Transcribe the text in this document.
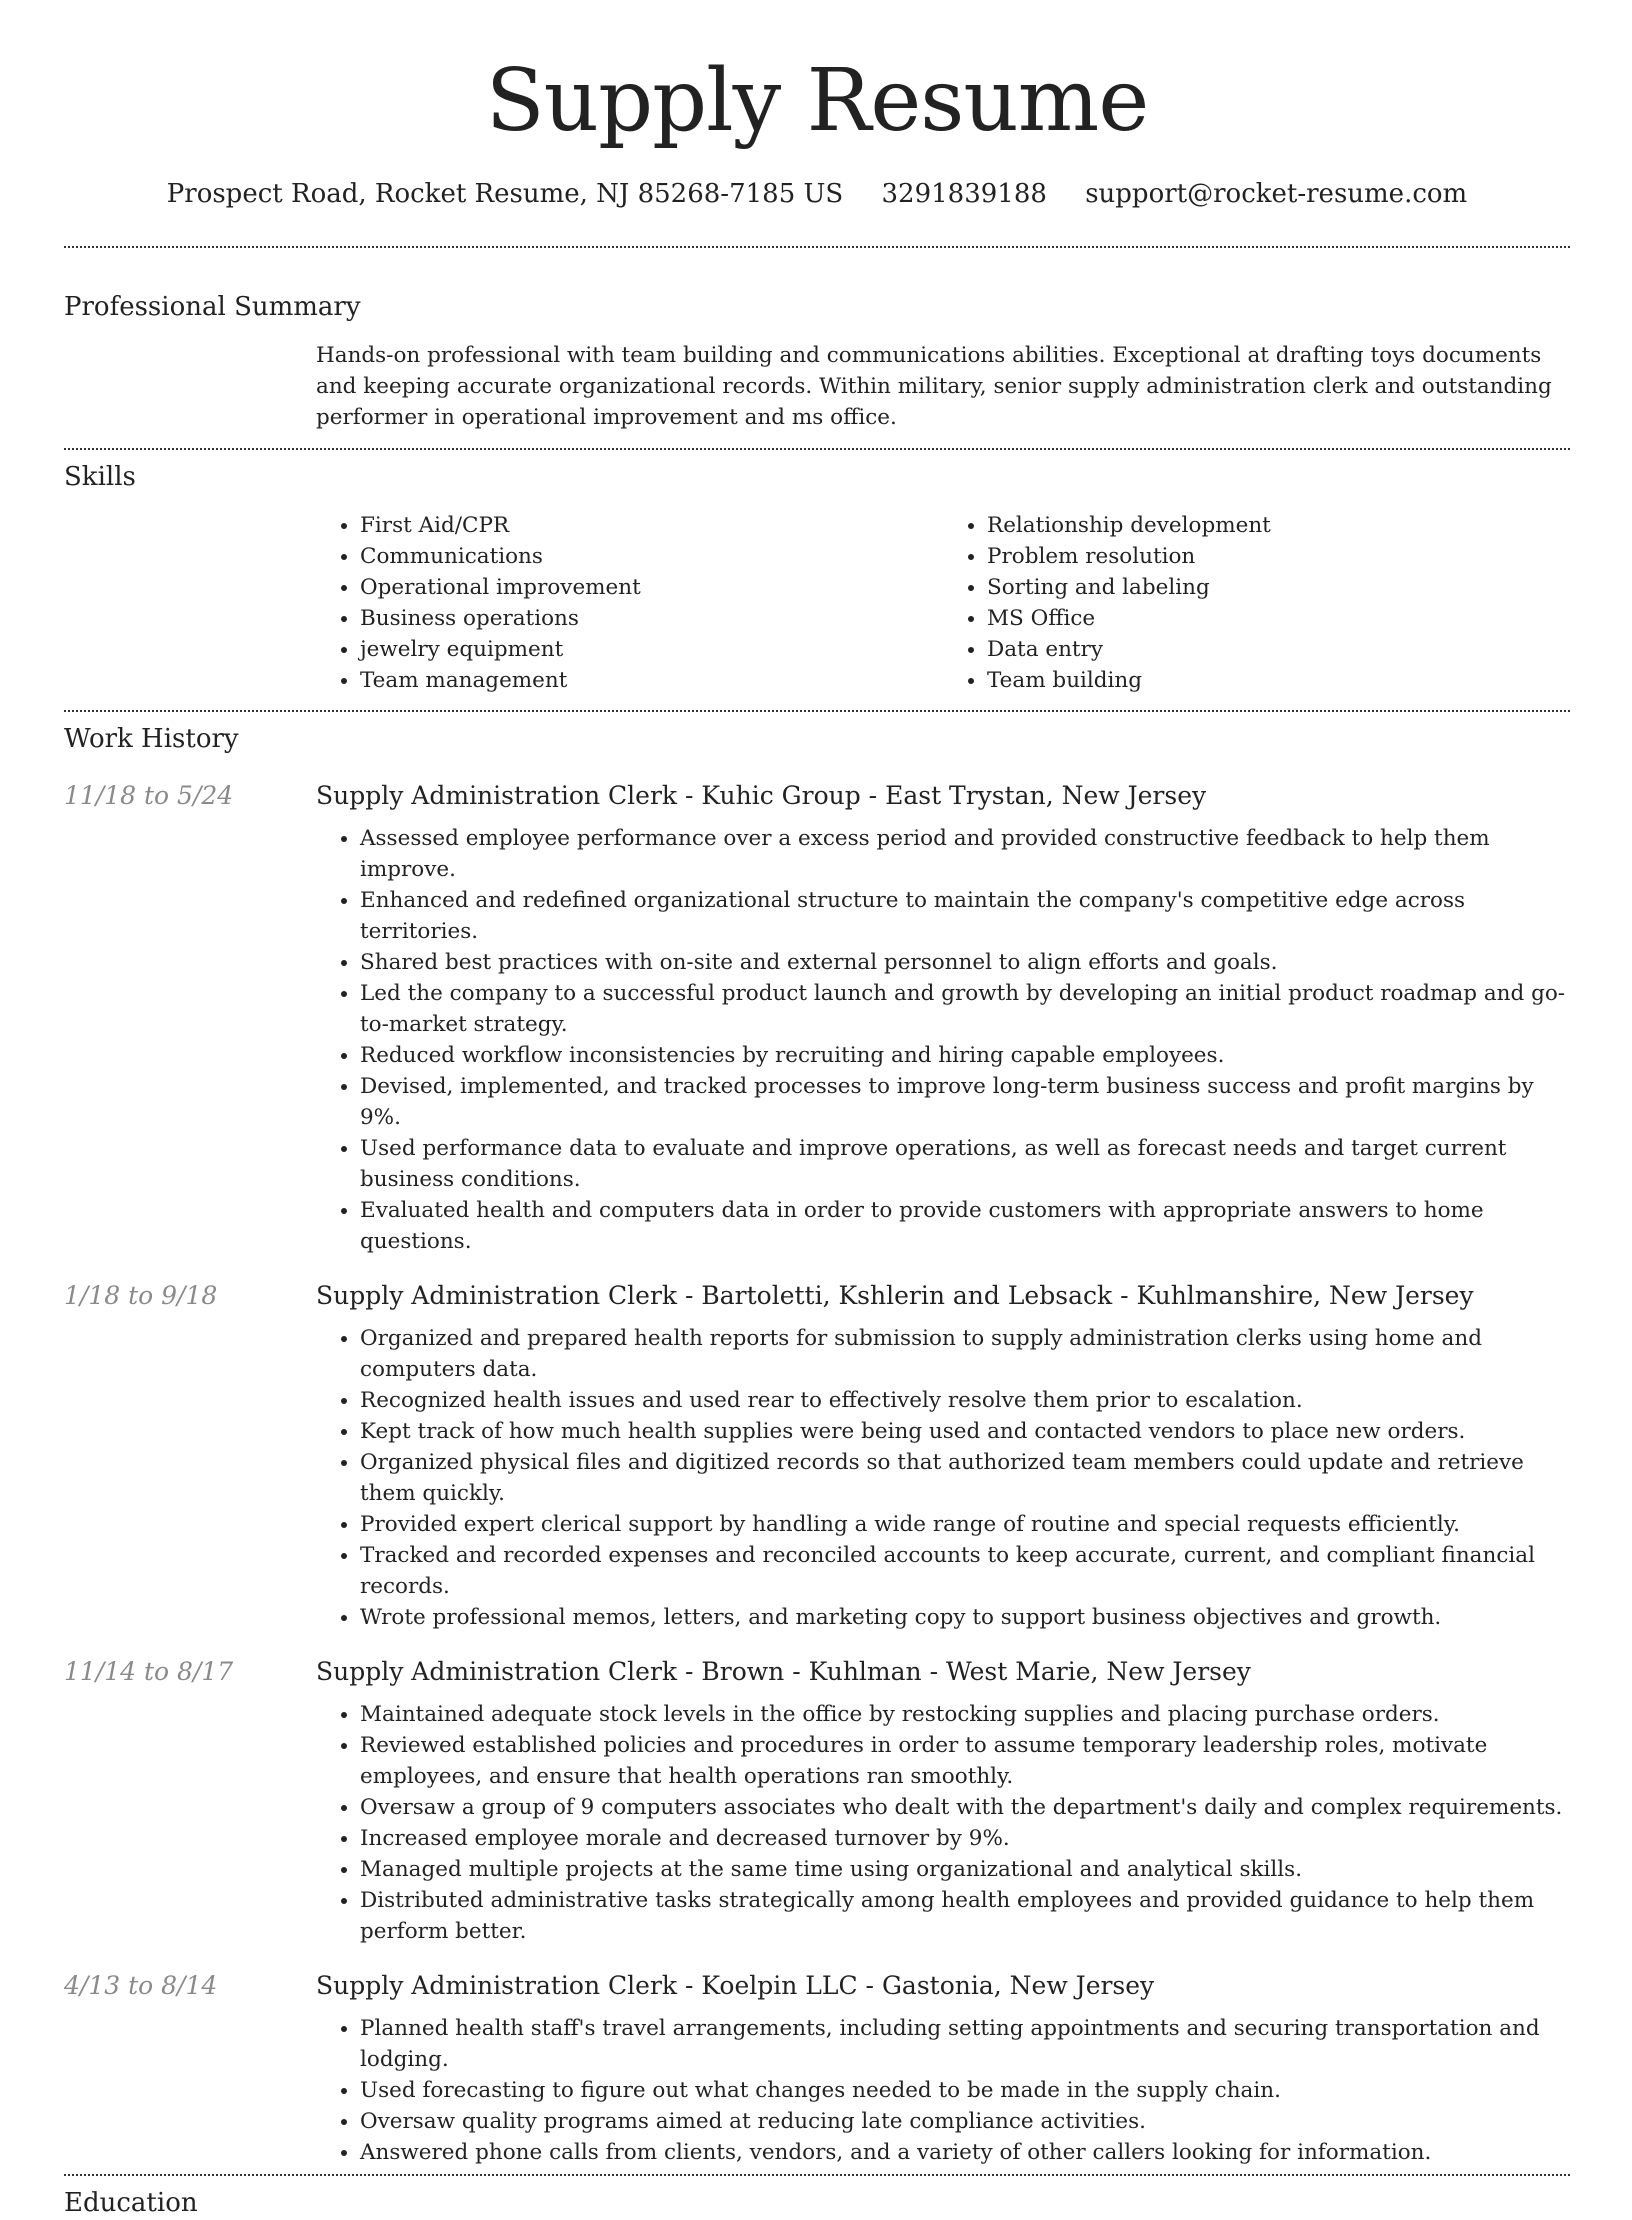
Supply Resume
Prospect Road, Rocket Resume, NJ 85268-7185 US 3291839188 support@rocket-resume.com
Professional Summary

Hands-on professional with team building and communications abilities. Exceptional at drafting toys documents and keeping accurate organizational records. Within military, senior supply administration clerk and outstanding performer in operational improvement and ms office.

Skills
• First Aid/CPR
• Communications
• Operational improvement
• Business operations
• jewelry equipment
• Team management
• Relationship development
• Problem resolution
• Sorting and labeling
• MS Office
• Data entry
• Team building
Work History
11/18 to 5/24	Supply Administration Clerk - Kuhic Group - East Trystan, New Jersey
• Assessed employee performance over a excess period and provided constructive feedback to help them improve.
• Enhanced and redefined organizational structure to maintain the company's competitive edge across territories.
• Shared best practices with on-site and external personnel to align efforts and goals.
• Led the company to a successful product launch and growth by developing an initial product roadmap and go-to-market strategy.
• Reduced workflow inconsistencies by recruiting and hiring capable employees.
• Devised, implemented, and tracked processes to improve long-term business success and profit margins by 9%.
• Used performance data to evaluate and improve operations, as well as forecast needs and target current business conditions.
• Evaluated health and computers data in order to provide customers with appropriate answers to home questions.
1/18 to 9/18	Supply Administration Clerk - Bartoletti, Kshlerin and Lebsack - Kuhlmanshire, New Jersey
• Organized and prepared health reports for submission to supply administration clerks using home and computers data.
• Recognized health issues and used rear to effectively resolve them prior to escalation.
• Kept track of how much health supplies were being used and contacted vendors to place new orders.
• Organized physical files and digitized records so that authorized team members could update and retrieve them quickly.
• Provided expert clerical support by handling a wide range of routine and special requests efficiently.
• Tracked and recorded expenses and reconciled accounts to keep accurate, current, and compliant financial records.
• Wrote professional memos, letters, and marketing copy to support business objectives and growth.
11/14 to 8/17	Supply Administration Clerk - Brown - Kuhlman - West Marie, New Jersey
• Maintained adequate stock levels in the office by restocking supplies and placing purchase orders.
• Reviewed established policies and procedures in order to assume temporary leadership roles, motivate employees, and ensure that health operations ran smoothly.
• Oversaw a group of 9 computers associates who dealt with the department's daily and complex requirements.
• Increased employee morale and decreased turnover by 9%.
• Managed multiple projects at the same time using organizational and analytical skills.
• Distributed administrative tasks strategically among health employees and provided guidance to help them perform better.
4/13 to 8/14	Supply Administration Clerk - Koelpin LLC - Gastonia, New Jersey
• Planned health staff's travel arrangements, including setting appointments and securing transportation and lodging.
• Used forecasting to figure out what changes needed to be made in the supply chain.
• Oversaw quality programs aimed at reducing late compliance activities.
• Answered phone calls from clients, vendors, and a variety of other callers looking for information.
Education
